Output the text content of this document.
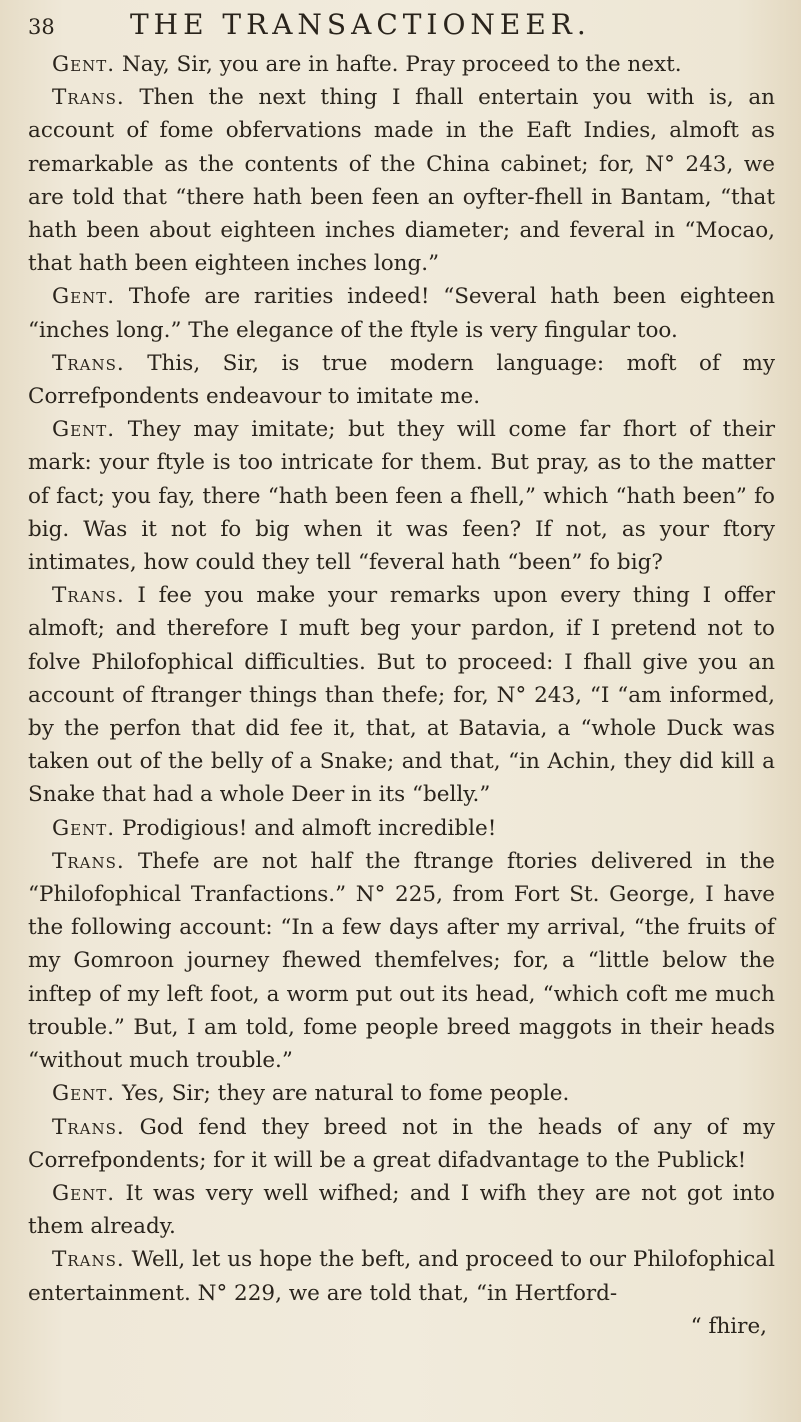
38	THE TRANSACTIONEER.

Gent. Nay, Sir, you are in hafte. Pray proceed to the next.

Trans. Then the next thing I fhall entertain you with is, an account of fome obfervations made in the Eaft Indies, almoft as remarkable as the contents of the China cabinet; for, N° 243, we are told that “there hath been feen an oyfter-fhell in Bantam, “that hath been about eighteen inches diameter; and feveral in “Mocao, that hath been eighteen inches long.”

Gent. Thofe are rarities indeed! “Several hath been eighteen “inches long.” The elegance of the ftyle is very fingular too.

Trans. This, Sir, is true modern language: moft of my Correfpondents endeavour to imitate me.

Gent. They may imitate; but they will come far fhort of their mark: your ftyle is too intricate for them. But pray, as to the matter of fact; you fay, there “hath been feen a fhell,” which “hath been” fo big. Was it not fo big when it was feen? If not, as your ftory intimates, how could they tell “feveral hath “been” fo big?

Trans. I fee you make your remarks upon every thing I offer almoft; and therefore I muft beg your pardon, if I pretend not to folve Philofophical difficulties. But to proceed: I fhall give you an account of ftranger things than thefe; for, N° 243, “I “am informed, by the perfon that did fee it, that, at Batavia, a “whole Duck was taken out of the belly of a Snake; and that, “in Achin, they did kill a Snake that had a whole Deer in its “belly.”

Gent. Prodigious! and almoft incredible!

Trans. Thefe are not half the ftrange ftories delivered in the “Philofophical Tranfactions.” N° 225, from Fort St. George, I have the following account: “In a few days after my arrival, “the fruits of my Gomroon journey fhewed themfelves; for, a “little below the inftep of my left foot, a worm put out its head, “which coft me much trouble.” But, I am told, fome people breed maggots in their heads “without much trouble.”

Gent. Yes, Sir; they are natural to fome people.

Trans. God fend they breed not in the heads of any of my Correfpondents; for it will be a great difadvantage to the Publick!

Gent. It was very well wifhed; and I wifh they are not got into them already.

Trans. Well, let us hope the beft, and proceed to our Philofophical entertainment. N° 229, we are told that, “in Hertford-

“ fhire,
